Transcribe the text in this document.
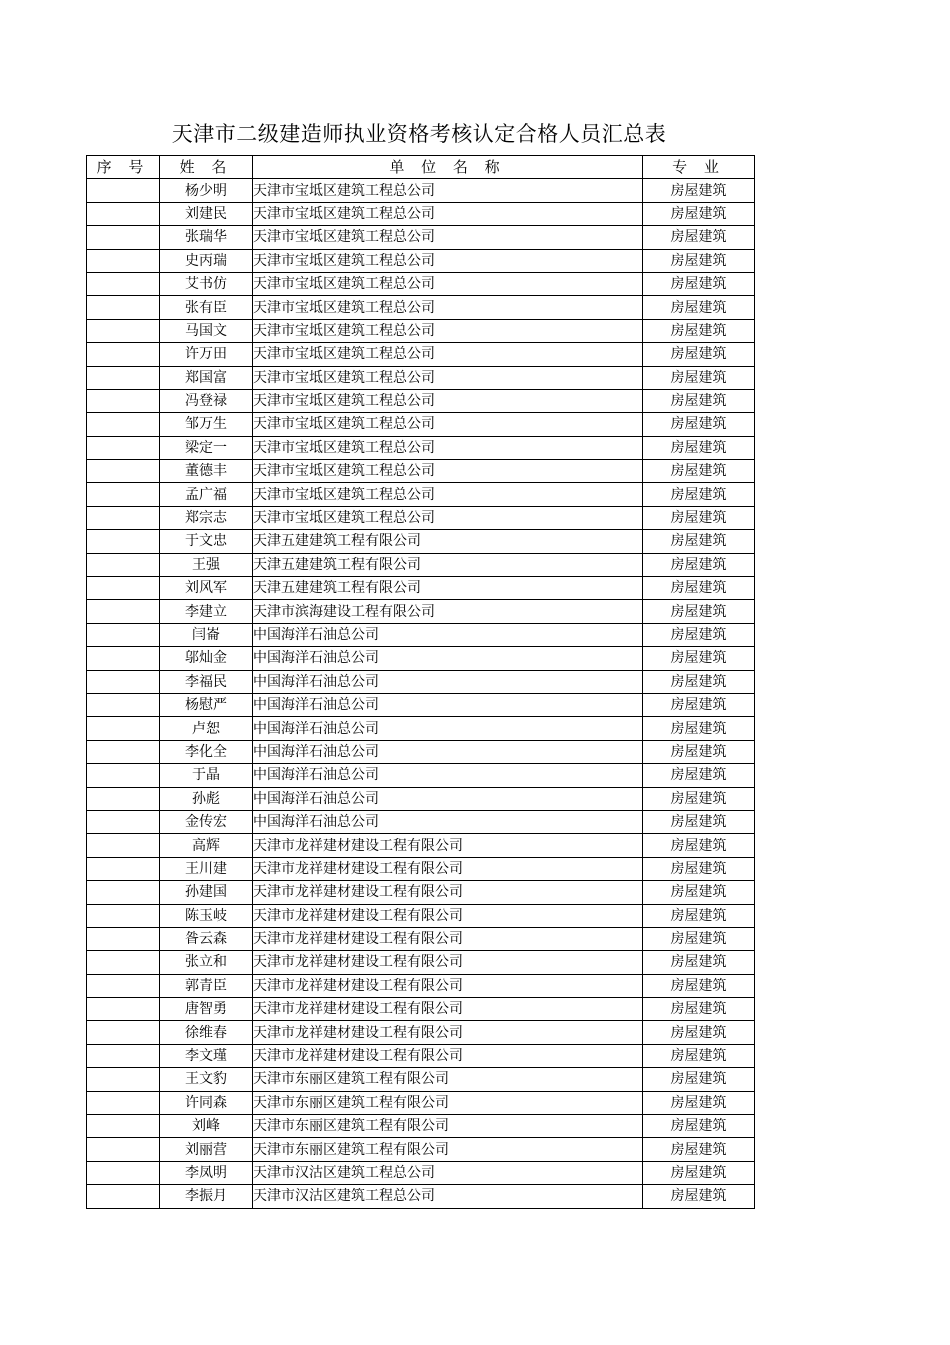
天津市二级建造师执业资格考核认定合格人员汇总表
序 号	姓 名	单 位 名 称	专 业
	杨少明	天津市宝坻区建筑工程总公司	房屋建筑
	刘建民	天津市宝坻区建筑工程总公司	房屋建筑
	张瑞华	天津市宝坻区建筑工程总公司	房屋建筑
	史丙瑞	天津市宝坻区建筑工程总公司	房屋建筑
	艾书仿	天津市宝坻区建筑工程总公司	房屋建筑
	张有臣	天津市宝坻区建筑工程总公司	房屋建筑
	马国文	天津市宝坻区建筑工程总公司	房屋建筑
	许万田	天津市宝坻区建筑工程总公司	房屋建筑
	郑国富	天津市宝坻区建筑工程总公司	房屋建筑
	冯登禄	天津市宝坻区建筑工程总公司	房屋建筑
	邹万生	天津市宝坻区建筑工程总公司	房屋建筑
	梁定一	天津市宝坻区建筑工程总公司	房屋建筑
	董德丰	天津市宝坻区建筑工程总公司	房屋建筑
	孟广福	天津市宝坻区建筑工程总公司	房屋建筑
	郑宗志	天津市宝坻区建筑工程总公司	房屋建筑
	于文忠	天津五建建筑工程有限公司	房屋建筑
	王强	天津五建建筑工程有限公司	房屋建筑
	刘风军	天津五建建筑工程有限公司	房屋建筑
	李建立	天津市滨海建设工程有限公司	房屋建筑
	闫崙	中国海洋石油总公司	房屋建筑
	邬灿金	中国海洋石油总公司	房屋建筑
	李福民	中国海洋石油总公司	房屋建筑
	杨慰严	中国海洋石油总公司	房屋建筑
	卢恕	中国海洋石油总公司	房屋建筑
	李化全	中国海洋石油总公司	房屋建筑
	于晶	中国海洋石油总公司	房屋建筑
	孙彪	中国海洋石油总公司	房屋建筑
	金传宏	中国海洋石油总公司	房屋建筑
	高辉	天津市龙祥建材建设工程有限公司	房屋建筑
	王川建	天津市龙祥建材建设工程有限公司	房屋建筑
	孙建国	天津市龙祥建材建设工程有限公司	房屋建筑
	陈玉岐	天津市龙祥建材建设工程有限公司	房屋建筑
	昝云森	天津市龙祥建材建设工程有限公司	房屋建筑
	张立和	天津市龙祥建材建设工程有限公司	房屋建筑
	郭青臣	天津市龙祥建材建设工程有限公司	房屋建筑
	唐智勇	天津市龙祥建材建设工程有限公司	房屋建筑
	徐维春	天津市龙祥建材建设工程有限公司	房屋建筑
	李文瑾	天津市龙祥建材建设工程有限公司	房屋建筑
	王文豹	天津市东丽区建筑工程有限公司	房屋建筑
	许同森	天津市东丽区建筑工程有限公司	房屋建筑
	刘峰	天津市东丽区建筑工程有限公司	房屋建筑
	刘丽营	天津市东丽区建筑工程有限公司	房屋建筑
	李凤明	天津市汉沽区建筑工程总公司	房屋建筑
	李振月	天津市汉沽区建筑工程总公司	房屋建筑
